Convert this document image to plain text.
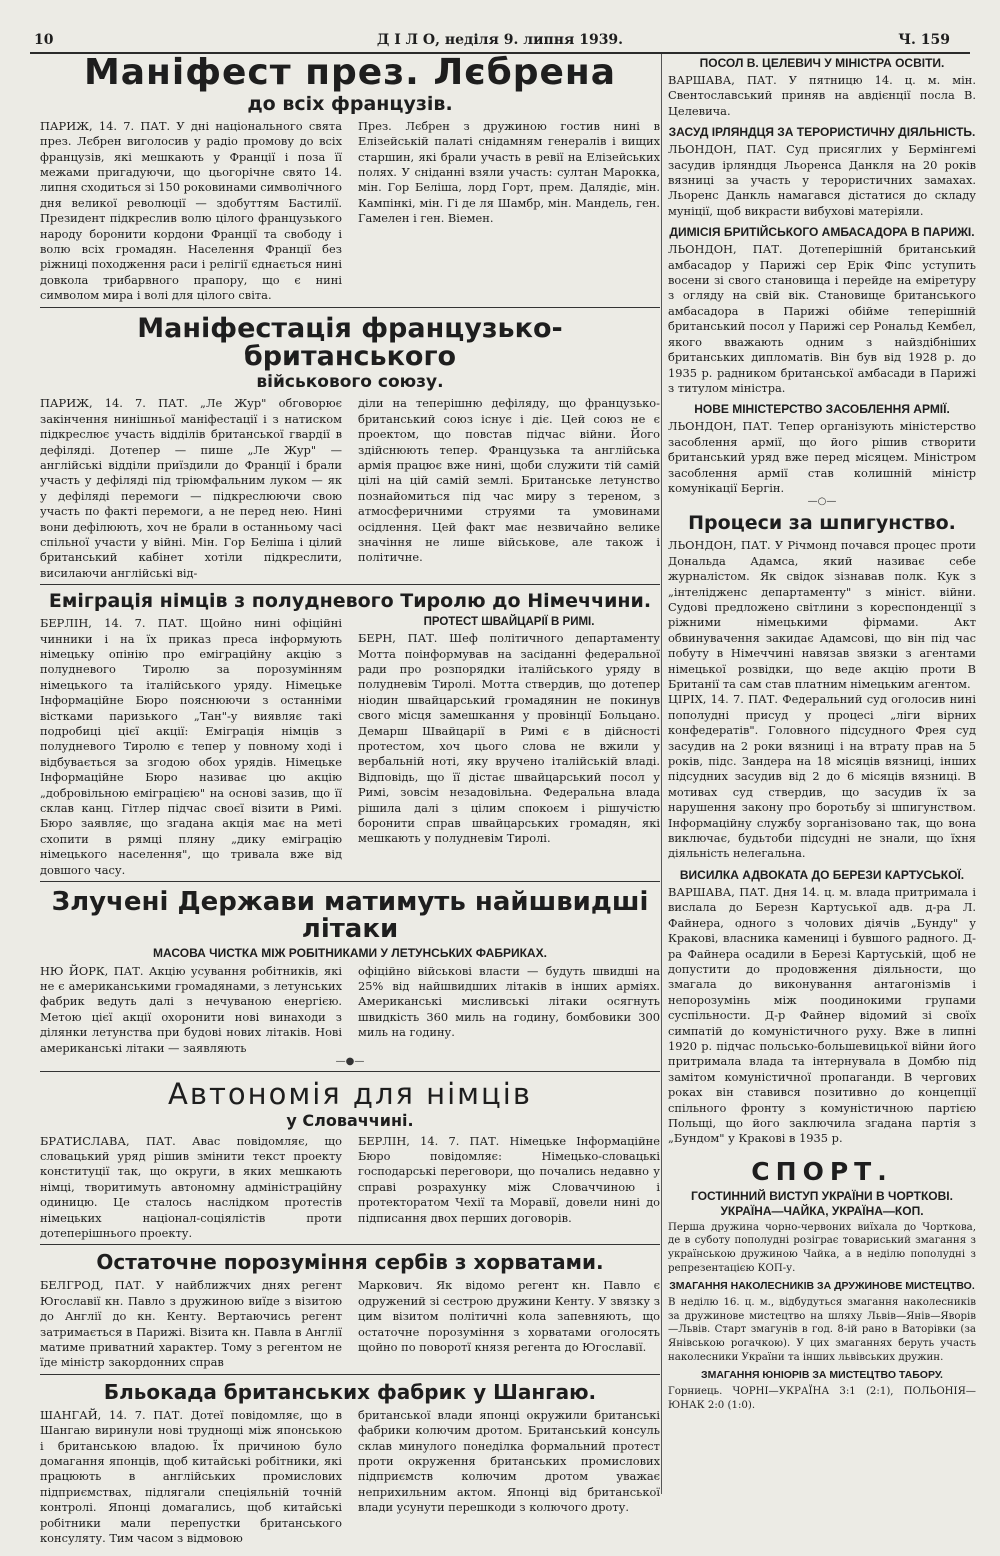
10	Д І Л О, неділя 9. липня 1939.	Ч. 159
Маніфест през. Лєбрена
до всіх французів.

ПАРИЖ, 14. 7. ПАТ. У дні національного свята през. Лєбрен виголосив у радіо промову до всіх французів, які мешкають у Франції і поза її межами пригадуючи, що цьогорічне свято 14. липня сходиться зі 150 роковинами символічного дня великої революції — здобуттям Бастилії. Президент підкреслив волю цілого французького народу боронити кордони Франції та свободу і волю всіх громадян. Населення Франції без ріжниці походження раси і релігії єднається нині довкола трибарвного прапору, що є нині символом мира і волі для цілого світа.

През. Лєбрен з дружиною гостив нині в Елізейській палаті снідамням генералів і вищих старшин, які брали участь в ревії на Елізейських полях. У сніданні взяли участь: султан Марокка, мін. Гор Беліша, лорд Горт, прем. Далядіє, мін. Кампінкі, мін. Гі де ля Шамбр, мін. Мандель, ген. Гамелен і ген. Віемен.

Маніфестація французько-британського
військового союзу.

ПАРИЖ, 14. 7. ПАТ. „Ле Жур" обговорює закінчення нинішньої маніфестації і з натиском підкреслює участь відділів британської гвардії в дефіляді. Дотепер — пише „Ле Жур" — англійські відділи приїздили до Франції і брали участь у дефіляді під тріюмфальним луком — як у дефіляді перемоги — підкреслюючи свою участь по факті перемоги, а не перед нею. Нині вони дефілюють, хоч не брали в останньому часі спільної участи у війні. Мін. Гор Беліша і цілий британський кабінет хотіли підкреслити, висилаючи англійські від-

діли на теперішню дефіляду, що французько-британський союз існує і діє. Цей союз не є проектом, що повстав підчас війни. Його здійснюють тепер. Французька та англійська армія працює вже нині, щоби служити тій самій цілі на цій самій землі. Британське летунство познайомиться під час миру з тереном, з атмосферичними струями та умовинами осідлення. Цей факт має незвичайно велике значіння не лише військове, але також і політичне.

Еміграція німців з полудневого Тиролю до Німеччини.

БЕРЛІН, 14. 7. ПАТ. Щойно нині офіційні чинники і на їх приказ преса інформують німецьку опінію про еміграційну акцію з полудневого Тиролю за порозумінням німецького та італійського уряду. Німецьке Інформаційне Бюро пояснюючи з останніми вістками паризького „Тан"-у виявляє такі подробиці цієї акції: Еміграція німців з полудневого Тиролю є тепер у повному ході і відбувається за згодою обох урядів. Німецьке Інформаційне Бюро називає цю акцію „добровільною еміграцією" на основі зазив, що її склав канц. Гітлер підчас своєї візити в Римі. Бюро заявляє, що згадана акція має на меті схопити в рямці пляну „дику еміграцію німецького населення", що тривала вже від довшого часу.

ПРОТЕСТ ШВАЙЦАРІЇ В РИМІ.

БЕРН, ПАТ. Шеф політичного департаменту Мотта поінформував на засіданні федеральної ради про розпорядки італійського уряду в полудневім Тиролі. Мотта ствердив, що дотепер ніодин швайцарський громадянин не покинув свого місця замешкання у провінції Больцано. Демарш Швайцарії в Римі є в дійсності протестом, хоч цього слова не вжили у вербальній ноті, яку вручено італійській владі. Відповідь, що її дістає швайцарський посол у Римі, зовсім незадовільна. Федеральна влада рішила далі з цілим спокоєм і рішучістю боронити справ швайцарських громадян, які мешкають у полудневім Тиролі.

Злучені Держави матимуть найшвидші літаки
МАСОВА ЧИСТКА МІЖ РОБІТНИКАМИ У ЛЕТУНСЬКИХ ФАБРИКАХ.

НЮ ЙОРК, ПАТ. Акцію усування робітників, які не є американськими громадянами, з летунських фабрик ведуть далі з нечуваною енергією. Метою цієї акції охоронити нові винаходи з ділянки летунства при будові нових літаків. Нові американські літаки — заявляють

офіційно військові власти — будуть швидші на 25% від найшвидших літаків в інших арміях. Американські мисливські літаки осягнуть швидкість 360 миль на годину, бомбовики 300 миль на годину.

—●—
Автономія для німців
у Словаччині.

БРАТИСЛАВА, ПАТ. Авас повідомляє, що словацький уряд рішив змінити текст проекту конституції так, що округи, в яких мешкають німці, творитимуть автономну адміністраційну одиницю. Це сталось наслідком протестів німецьких націонал-соціялістів проти дотеперішнього проекту.

БЕРЛІН, 14. 7. ПАТ. Німецьке Інформаційне Бюро повідомляє: Німецько-словацькі господарські переговори, що почались недавно у справі розрахунку між Словаччиною і протекторатом Чехії та Моравії, довели нині до підписання двох перших договорів.

Остаточне порозуміння сербів з хорватами.

БЕЛГРОД, ПАТ. У найближчих днях регент Югославії кн. Павло з дружиною виїде з візитою до Англії до кн. Кенту. Вертаючись регент затримається в Парижі. Візита кн. Павла в Англії матиме приватний характер. Тому з регентом не їде міністр закордонних справ

Маркович. Як відомо регент кн. Павло є одружений зі сестрою дружини Кенту. У звязку з цим візитом політичні кола запевняють, що остаточне порозуміння з хорватами оголосять щойно по поворотї князя регента до Югославії.

Бльокада британських фабрик у Шангаю.

ШАНГАЙ, 14. 7. ПАТ. Дотеї повідомляє, що в Шангаю виринули нові труднощі між японською і британською владою. Їх причиною було домагання японців, щоб китайські робітники, які працюють в англійських промислових підприємствах, підлягали спеціяльній точній контролі. Японці домагались, щоб китайські робітники мали перепустки британського консуляту. Тим часом з відмовою

британської влади японці окружили британські фабрики колючим дротом. Британський консуль склав минулого понеділка формальний протест проти окруження британських промислових підприємств колючим дротом уважає неприхильним актом. Японці від британської влади усунути перешкоди з колючого дроту.

ПОСОЛ В. ЦЕЛЕВИЧ У МІНІСТРА ОСВІТИ.

ВАРШАВА, ПАТ. У пятницю 14. ц. м. мін. Свентославський приняв на авдієнції посла В. Целевича.

ЗАСУД ІРЛЯНДЦЯ ЗА ТЕРОРИСТИЧНУ ДІЯЛЬНІСТЬ.

ЛЬОНДОН, ПАТ. Суд присяглих у Бермінгемі засудив ірляндця Льоренса Данкля на 20 років вязниці за участь у терористичних замахах. Льоренс Данкль намагався дістатися до складу муніції, щоб викрасти вибухові матеріяли.

ДИМІСІЯ БРИТІЙСЬКОГО АМБАСАДОРА В ПАРИЖІ.

ЛЬОНДОН, ПАТ. Дотеперішній британський амбасадор у Парижі сер Ерік Фіпс уступить восени зі свого становища і перейде на еміретуру з огляду на свій вік. Становище британського амбасадора в Парижі обійме теперішній британський посол у Парижі сер Рональд Кембел, якого вважають одним з найздібніших британських дипломатів. Він був від 1928 р. до 1935 р. радником британської амбасади в Парижі з титулом міністра.

НОВЕ МІНІСТЕРСТВО ЗАСОБЛЕННЯ АРМІЇ.

ЛЬОНДОН, ПАТ. Тепер організують міністерство засоблення армії, що його рішив створити британський уряд вже перед місяцем. Міністром засоблення армії став колишній міністр комунікації Бергін.

—○—
Процеси за шпигунство.

ЛЬОНДОН, ПАТ. У Річмонд почався процес проти Дональда Адамса, який називає себе журналістом. Як свідок зізнавав полк. Кук з „інтелідженс департаменту" з мініст. війни. Судові предложено світлини з кореспонденції з ріжними німецькими фірмами. Акт обвинувачення закидає Адамсові, що він під час побуту в Німеччині навязав звязки з агентами німецької розвідки, що веде акцію проти В Британії та сам став платним німецьким агентом.

ЦІРІХ, 14. 7. ПАТ. Федеральний суд оголосив нині пополудні присуд у процесі „ліги вірних конфедератів". Головного підсудного Фрея суд засудив на 2 роки вязниці і на втрату прав на 5 років, підс. Зандера на 18 місяців вязниці, інших підсудних засудив від 2 до 6 місяців вязниці. В мотивах суд ствердив, що засудив їх за нарушення закону про боротьбу зі шпигунством. Інформаційну службу зорганізовано так, що вона виключає, будьтоби підсудні не знали, що їхня діяльність нелегальна.

ВИСИЛКА АДВОКАТА ДО БЕРЕЗИ КАРТУСЬКОЇ.

ВАРШАВА, ПАТ. Дня 14. ц. м. влада притримала і вислала до Березн Картуської адв. д-ра Л. Файнера, одного з чолових діячів „Бунду" у Кракові, власника камениці і бувшого радного. Д-ра Файнера осадили в Березі Картуській, щоб не допустити до продовження діяльности, що змагала до виконування антагонізмів і непорозумінь між поодинокими групами суспільности. Д-р Файнер відомий зі своїх симпатій до комуністичного руху. Вже в липні 1920 р. підчас польсько-большевицької війни його притримала влада та інтернувала в Домбю під замітом комуністичної пропаганди. В чергових роках він ставився позитивно до концепції спільного фронту з комуністичною партією Польщі, що його заключила згадана партія з „Бундом" у Кракові в 1935 р.

СПОРТ.
ГОСТИННИЙ ВИСТУП УКРАЇНИ В ЧОРТКОВІ. УКРАЇНА—ЧАЙКА, УКРАЇНА—КОП.

Перша дружина чорно-червоних виїхала до Чорткова, де в суботу пополудні розіграє товариський змагання з українською дружиною Чайка, а в неділю пополудні з репрезентацією КОП-у.

ЗМАГАННЯ НАКОЛЕСНИКІВ ЗА ДРУЖИНОВЕ МИСТЕЦТВО.

В неділю 16. ц. м., відбудуться змагання наколесників за дружинове мистецтво на шляху Львів—Янів—Яворів—Львів. Старт змагунів в год. 8-ій рано в Ваторівки (за Янівською рогачкою). У цих змаганнях беруть участь наколесники України та інших львівських дружин.

ЗМАГАННЯ ЮНІОРІВ ЗА МИСТЕЦТВО ТАБОРУ.

Горниець. ЧОРНІ—УКРАЇНА 3:1 (2:1), ПОЛЬОНІЯ—ЮНАК 2:0 (1:0).
